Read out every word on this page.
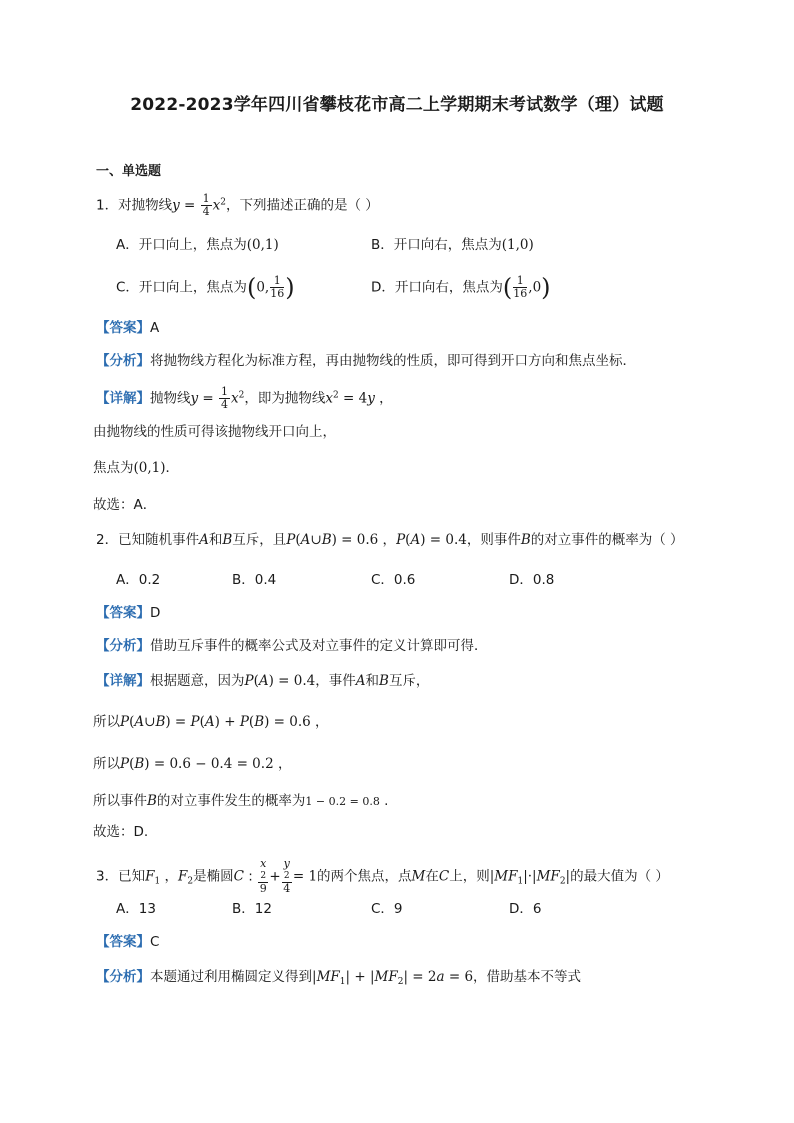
2022-2023学年四川省攀枝花市高二上学期期末考试数学（理）试题
一、单选题
1．对抛物线$y = \frac{1}{4} x^2$，下列描述正确的是（ ）
A．开口向上，焦点为(0,1)	B．开口向右，焦点为(1,0)
C．开口向上，焦点为(0, $\frac{1}{16}$ )	D．开口向右，焦点为( $\frac{1}{16} ,0$)
【答案】A
【分析】将抛物线方程化为标准方程，再由抛物线的性质，即可得到开口方向和焦点坐标．
【详解】抛物线$y = \frac{1}{4} x^2$，即为抛物线$x^2 = 4y$ ，
由抛物线的性质可得该抛物线开口向上，
焦点为(0,1)．
故选：A．
2．已知随机事件A和B互斥，且P(A∪B) = 0.6 ，P(A) = 0.4，则事件B的对立事件的概率为（ ）
A．0.2	B．0.4	C．0.6	D．0.8
【答案】D
【分析】借助互斥事件的概率公式及对立事件的定义计算即可得．
【详解】根据题意，因为P(A) = 0.4，事件A和B互斥，
所以P(A∪B) = P(A) + P(B) = 0.6 ，
所以P(B) = 0.6 − 0.4 = 0.2 ，
所以事件B的对立事件发生的概率为1 − 0.2 = 0.8 .
故选：D.
3．已知$F_1$ ，$F_2$是椭圆C : x
2
9 + y
2
4 = 1的两个焦点，点M在C上，则$|MF_1|\cdot|MF_2|$的最大值为（ ）
A．13	B．12	C．9	D．6
【答案】C
【分析】本题通过利用椭圆定义得到$|MF_1| + |MF_2| = 2a = 6$，借助基本不等式
